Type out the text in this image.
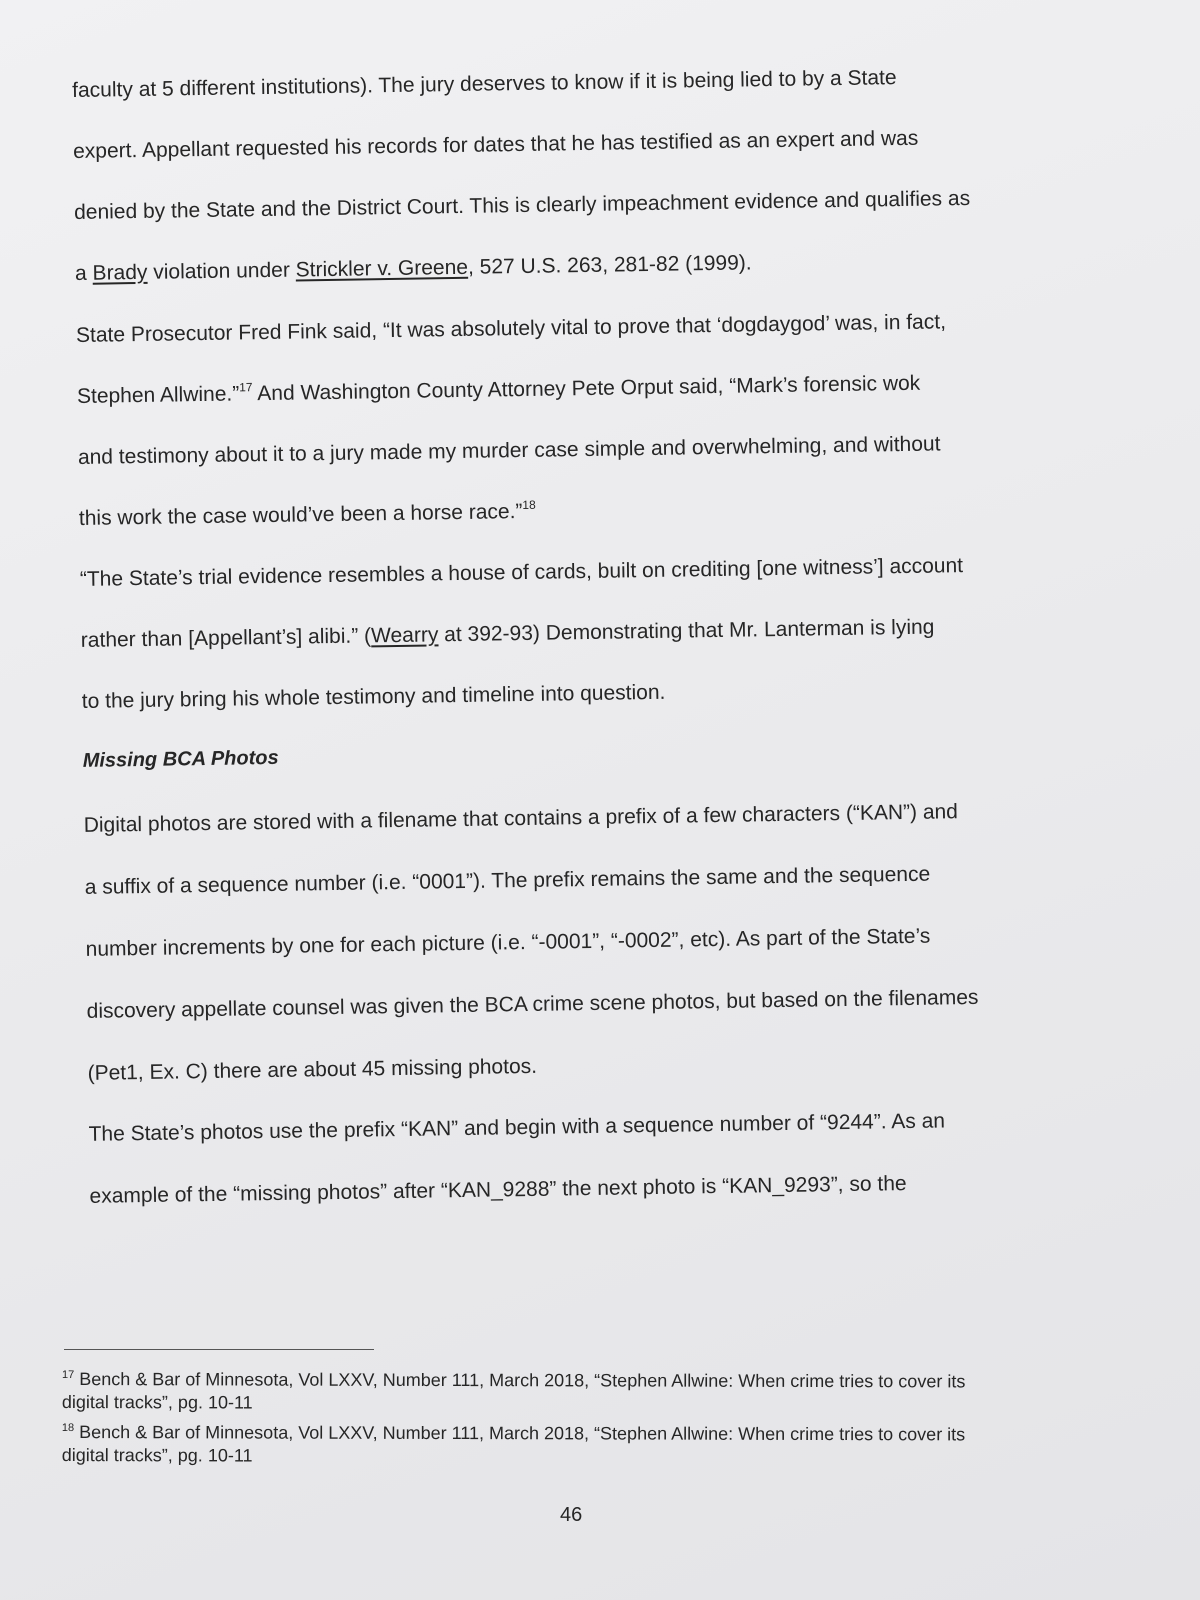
faculty at 5 different institutions). The jury deserves to know if it is being lied to by a State
expert. Appellant requested his records for dates that he has testified as an expert and was
denied by the State and the District Court. This is clearly impeachment evidence and qualifies as
a Brady violation under Strickler v. Greene, 527 U.S. 263, 281-82 (1999).
State Prosecutor Fred Fink said, “It was absolutely vital to prove that ‘dogdaygod’ was, in fact,
Stephen Allwine.”$^{17}$ And Washington County Attorney Pete Orput said, “Mark’s forensic wok
and testimony about it to a jury made my murder case simple and overwhelming, and without
this work the case would’ve been a horse race.”$^{18}$
“The State’s trial evidence resembles a house of cards, built on crediting [one witness’] account
rather than [Appellant’s] alibi.” (Wearry at 392-93) Demonstrating that Mr. Lanterman is lying
to the jury bring his whole testimony and timeline into question.
Missing BCA Photos
Digital photos are stored with a filename that contains a prefix of a few characters (“KAN”) and
a suffix of a sequence number (i.e. “0001”). The prefix remains the same and the sequence
number increments by one for each picture (i.e. “-0001”, “-0002”, etc). As part of the State’s
discovery appellate counsel was given the BCA crime scene photos, but based on the filenames
(Pet1, Ex. C) there are about 45 missing photos.
The State’s photos use the prefix “KAN” and begin with a sequence number of “9244”. As an
example of the “missing photos” after “KAN_9288” the next photo is “KAN_9293”, so the
$^{17}$ Bench & Bar of Minnesota, Vol LXXV, Number 111, March 2018, “Stephen Allwine: When crime tries to cover its
digital tracks”, pg. 10-11
$^{18}$ Bench & Bar of Minnesota, Vol LXXV, Number 111, March 2018, “Stephen Allwine: When crime tries to cover its
digital tracks”, pg. 10-11
46
